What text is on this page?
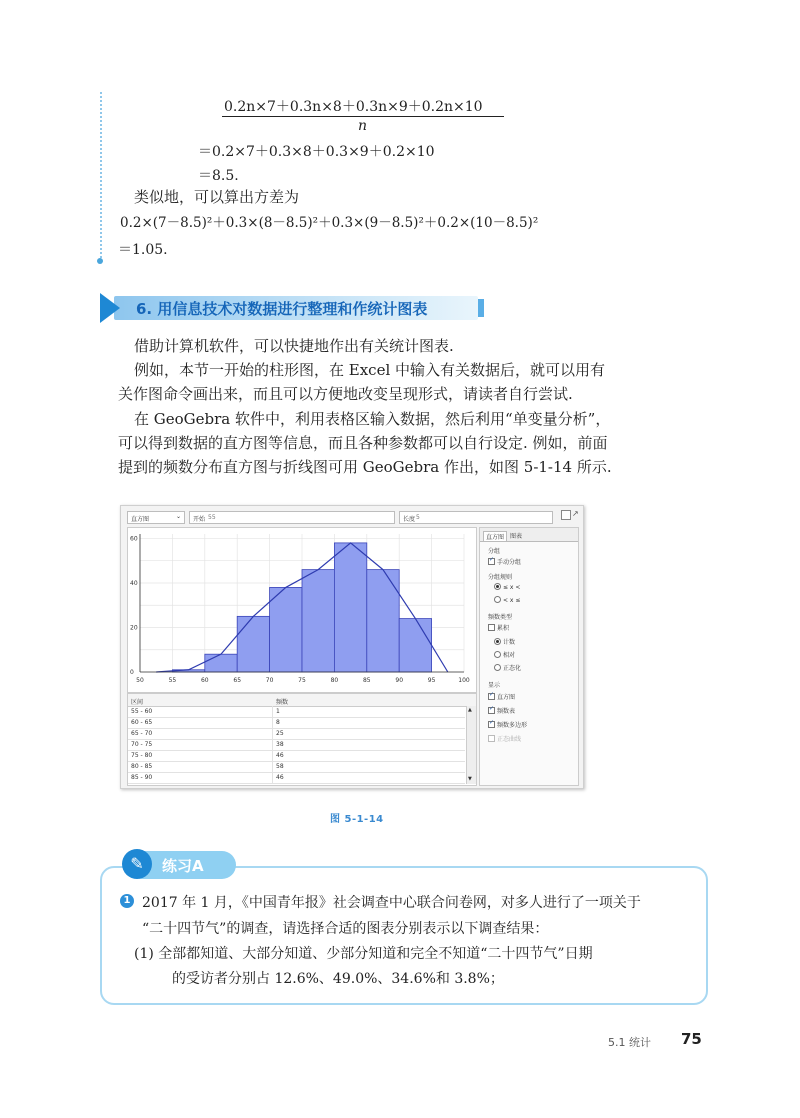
0.2n×7＋0.3n×8＋0.3n×9＋0.2n×10
n
＝0.2×7＋0.3×8＋0.3×9＋0.2×10
＝8.5.
类似地，可以算出方差为
0.2×(7－8.5)²＋0.3×(8－8.5)²＋0.3×(9－8.5)²＋0.2×(10－8.5)²
＝1.05.
6. 用信息技术对数据进行整理和作统计图表
借助计算机软件，可以快捷地作出有关统计图表.
例如，本节一开始的柱形图，在 Excel 中输入有关数据后，就可以用有
关作图命令画出来，而且可以方便地改变呈现形式，请读者自行尝试.
在 GeoGebra 软件中，利用表格区输入数据，然后利用“单变量分析”，
可以得到数据的直方图等信息，而且各种参数都可以自行设定. 例如，前面
提到的频数分布直方图与折线图可用 GeoGebra 作出，如图 5-1-14 所示.
直方图	⌄ 开始 55	长度 5	↗
50	55	60	65	70	75	80	85	90	95	100
0
20
40
60	直方图 图表
分组
✓手动分组
分组规则
≤ x <
< x ≤
频数类型
累积
计数
相对
正态化
显示
✓直方图
✓频数表
✓频数多边形
正态曲线
区间	频数
55 - 60	1
60 - 65	8
65 - 70	25
70 - 75	38
75 - 80	46
80 - 85	58
85 - 90	46
▲
▼
图 5-1-14
✎	练习A
1 2017 年 1 月，《中国青年报》社会调查中心联合问卷网，对多人进行了一项关于
“二十四节气”的调查，请选择合适的图表分别表示以下调查结果：
(1) 全部都知道、大部分知道、少部分知道和完全不知道“二十四节气”日期
的受访者分别占 12.6%、49.0%、34.6%和 3.8%；
5.1 统计 75
